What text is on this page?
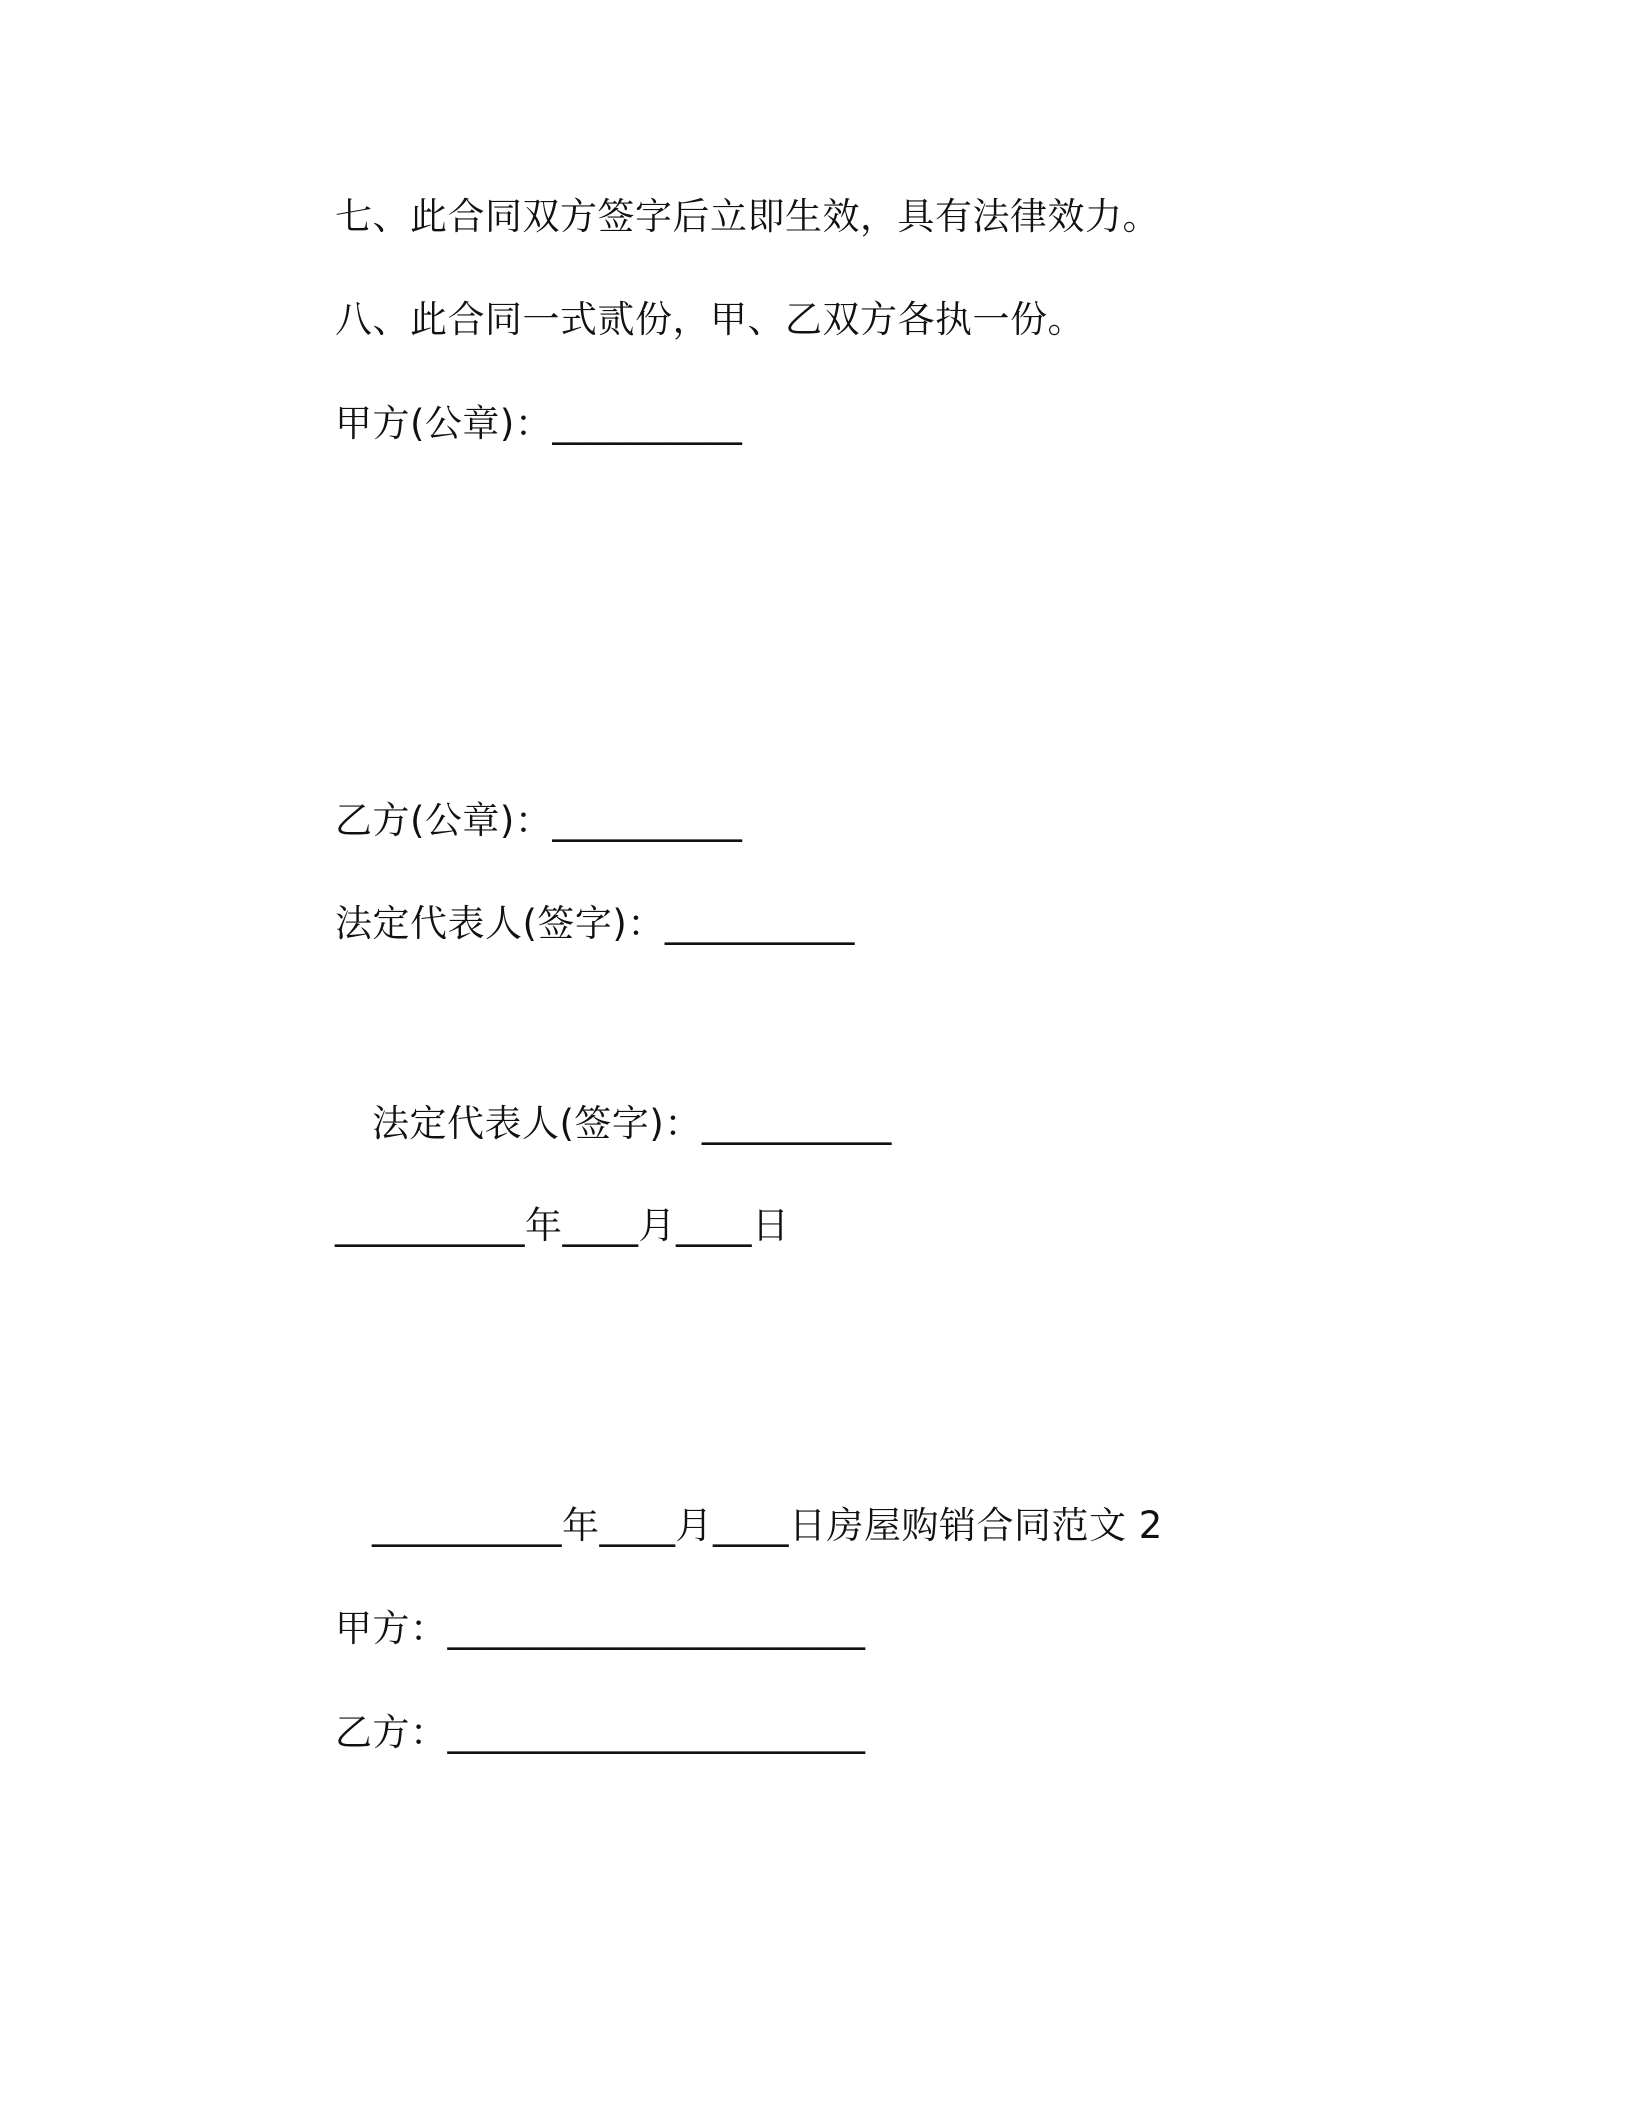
七、此合同双方签字后立即生效，具有法律效力。
八、此合同一式贰份，甲、乙双方各执一份。
甲方(公章)：__________
乙方(公章)：__________
法定代表人(签字)：__________
法定代表人(签字)：__________
__________年____月____日
__________年____月____日房屋购销合同范文 2
甲方：______________________
乙方：______________________
